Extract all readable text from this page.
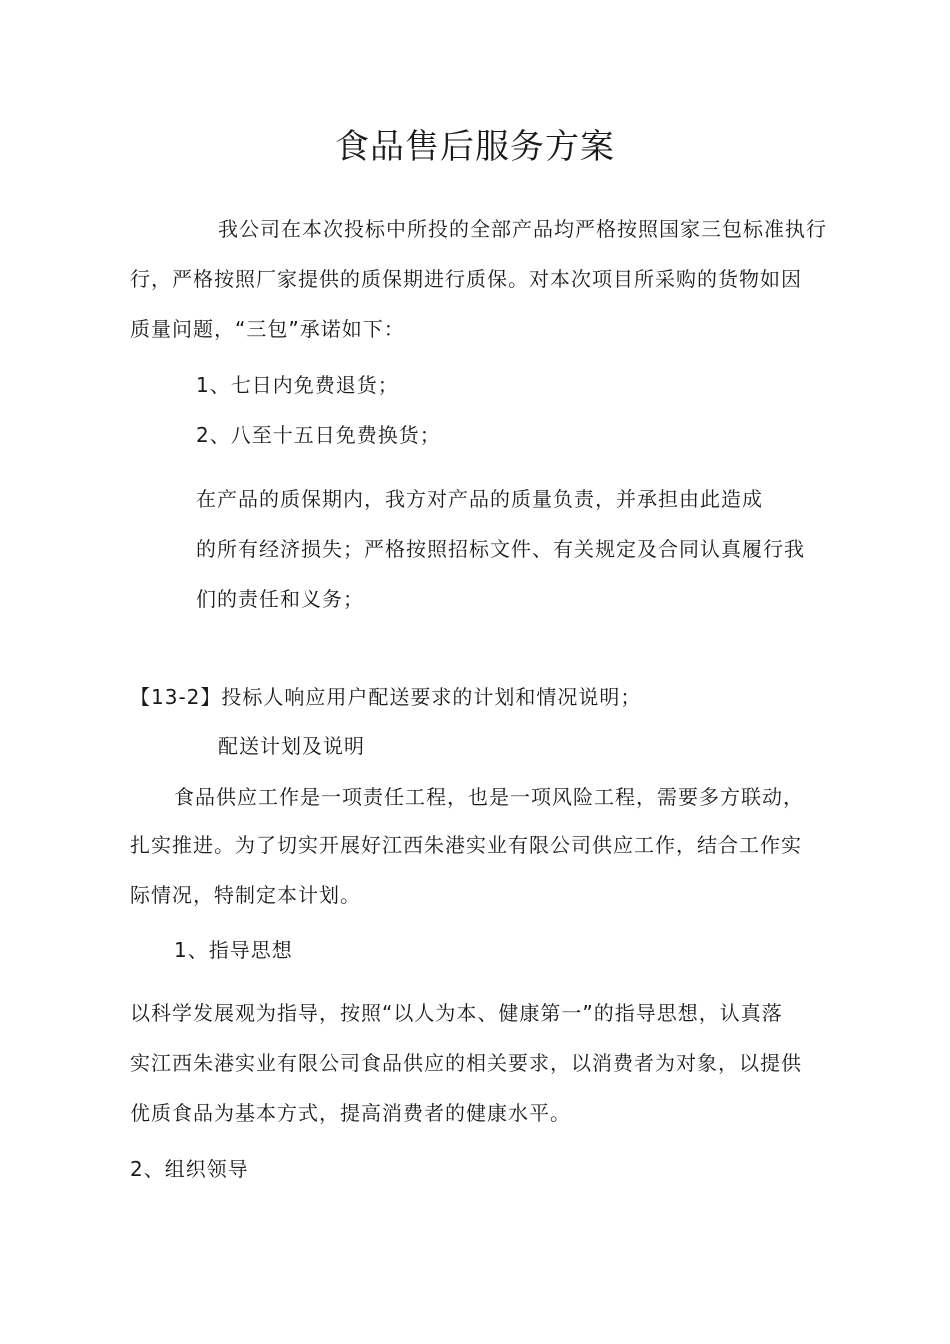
食品售后服务方案
我公司在本次投标中所投的全部产品均严格按照国家三包标准执行
行，严格按照厂家提供的质保期进行质保。对本次项目所采购的货物如因
质量问题，“三包”承诺如下：
1、七日内免费退货；
2、八至十五日免费换货；
在产品的质保期内，我方对产品的质量负责，并承担由此造成
的所有经济损失；严格按照招标文件、有关规定及合同认真履行我
们的责任和义务；
【13-2】投标人响应用户配送要求的计划和情况说明；
配送计划及说明
食品供应工作是一项责任工程，也是一项风险工程，需要多方联动，
扎实推进。为了切实开展好江西朱港实业有限公司供应工作，结合工作实
际情况，特制定本计划。
1、指导思想
以科学发展观为指导，按照“以人为本、健康第一”的指导思想，认真落
实江西朱港实业有限公司食品供应的相关要求，以消费者为对象，以提供
优质食品为基本方式，提高消费者的健康水平。
2、组织领导
